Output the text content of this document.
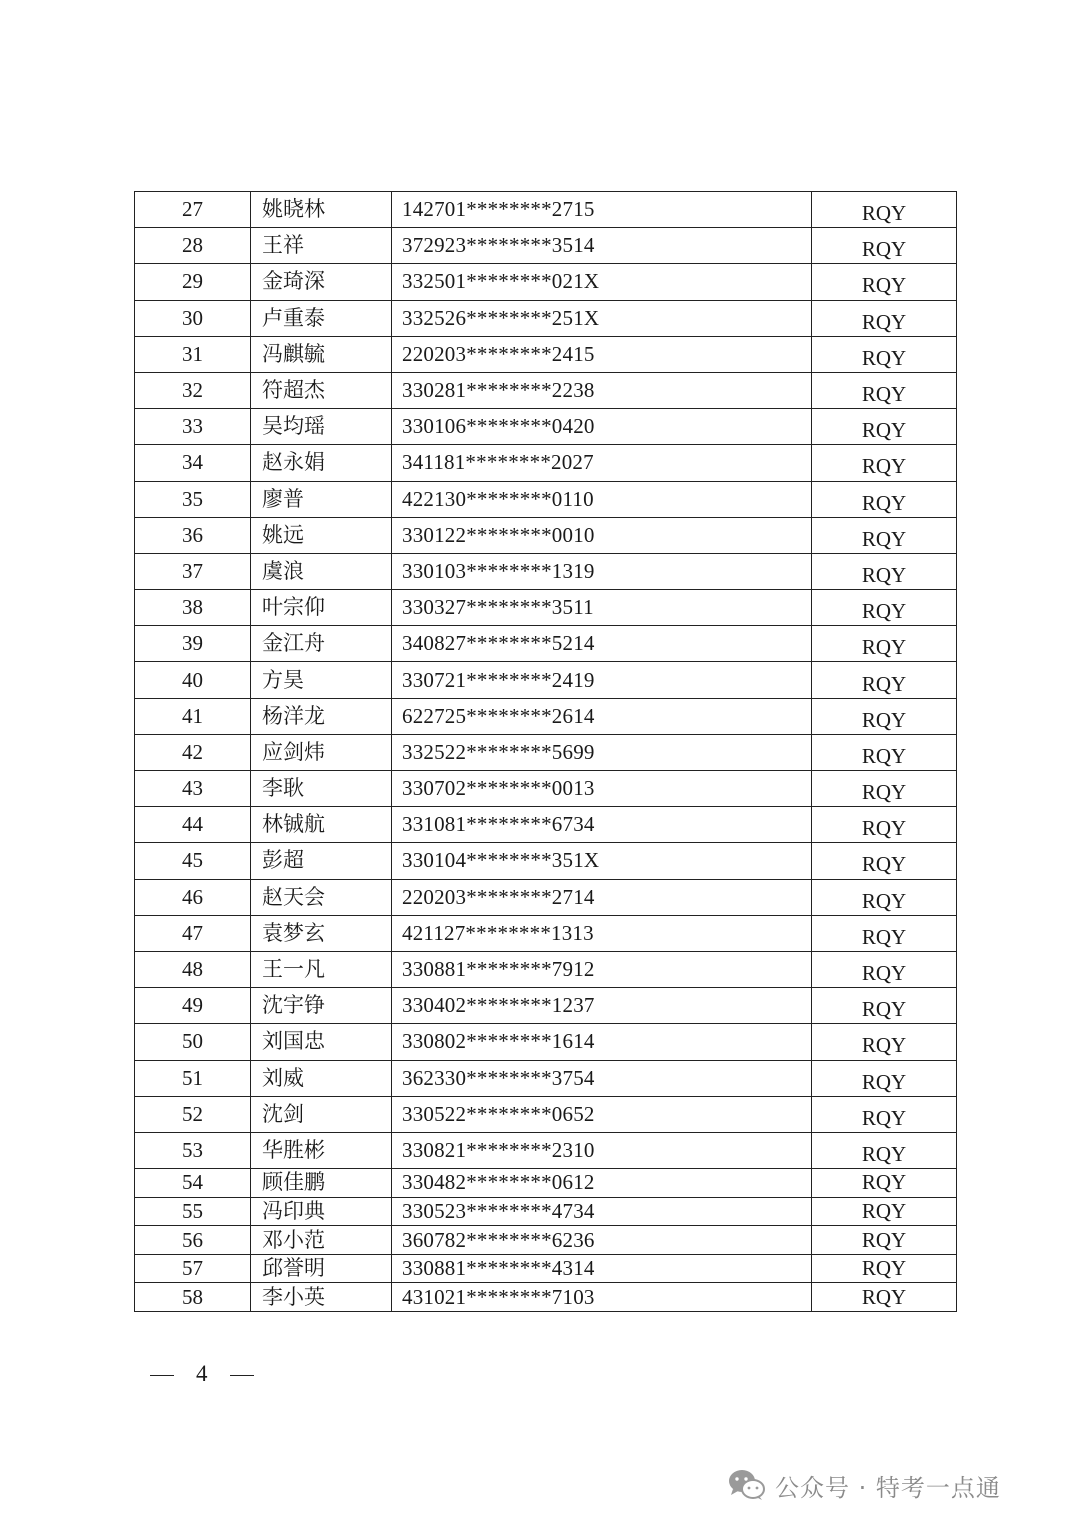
27	姚晓林	142701********2715	RQY
28	王祥	372923********3514	RQY
29	金琦深	332501********021X	RQY
30	卢重泰	332526********251X	RQY
31	冯麒毓	220203********2415	RQY
32	符超杰	330281********2238	RQY
33	吴均瑶	330106********0420	RQY
34	赵永娟	341181********2027	RQY
35	廖普	422130********0110	RQY
36	姚远	330122********0010	RQY
37	虞浪	330103********1319	RQY
38	叶宗仰	330327********3511	RQY
39	金江舟	340827********5214	RQY
40	方昊	330721********2419	RQY
41	杨洋龙	622725********2614	RQY
42	应剑炜	332522********5699	RQY
43	李耿	330702********0013	RQY
44	林铖航	331081********6734	RQY
45	彭超	330104********351X	RQY
46	赵天会	220203********2714	RQY
47	袁梦玄	421127********1313	RQY
48	王一凡	330881********7912	RQY
49	沈宇铮	330402********1237	RQY
50	刘国忠	330802********1614	RQY
51	刘威	362330********3754	RQY
52	沈剑	330522********0652	RQY
53	华胜彬	330821********2310	RQY
54	顾佳鹏	330482********0612	RQY
55	冯印典	330523********4734	RQY
56	邓小范	360782********6236	RQY
57	邱誉明	330881********4314	RQY
58	李小英	431021********7103	RQY
4
公众号 · 特考一点通
